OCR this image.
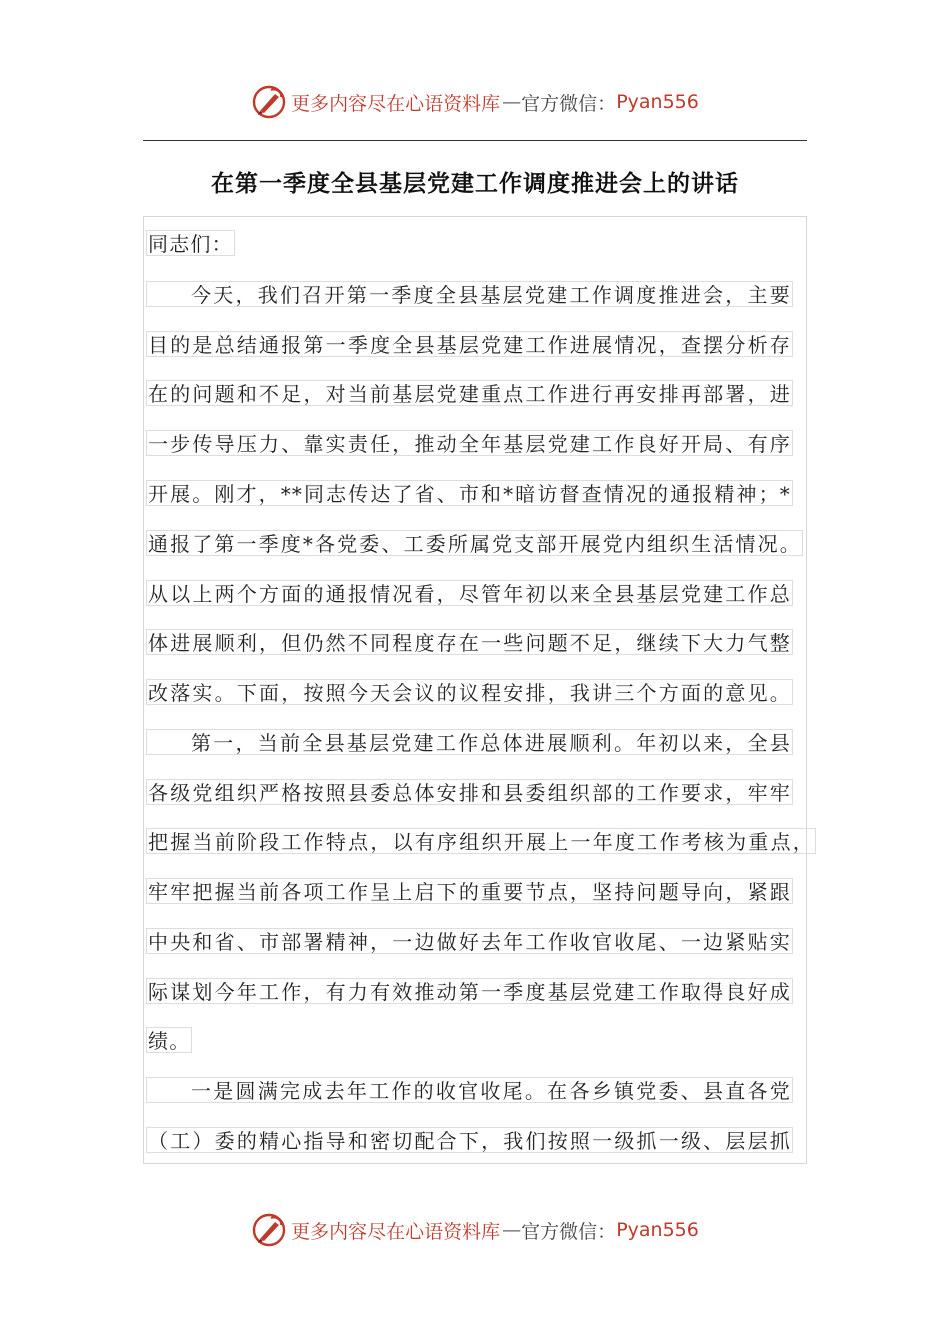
更多内容尽在心语资料库 — 官方微信： Pyan556
在第一季度全县基层党建工作调度推进会上的讲话
同志们：
今天，我们召开第一季度全县基层党建工作调度推进会，主要
目的是总结通报第一季度全县基层党建工作进展情况，查摆分析存
在的问题和不足，对当前基层党建重点工作进行再安排再部署，进
一步传导压力、靠实责任，推动全年基层党建工作良好开局、有序
开展。刚才，**同志传达了省、市和*暗访督查情况的通报精神；*
通报了第一季度*各党委、工委所属党支部开展党内组织生活情况。
从以上两个方面的通报情况看，尽管年初以来全县基层党建工作总
体进展顺利，但仍然不同程度存在一些问题不足，继续下大力气整
改落实。下面，按照今天会议的议程安排，我讲三个方面的意见。
第一，当前全县基层党建工作总体进展顺利。年初以来，全县
各级党组织严格按照县委总体安排和县委组织部的工作要求，牢牢
把握当前阶段工作特点，以有序组织开展上一年度工作考核为重点，
牢牢把握当前各项工作呈上启下的重要节点，坚持问题导向，紧跟
中央和省、市部署精神，一边做好去年工作收官收尾、一边紧贴实
际谋划今年工作，有力有效推动第一季度基层党建工作取得良好成
绩。
一是圆满完成去年工作的收官收尾。在各乡镇党委、县直各党
（工）委的精心指导和密切配合下，我们按照一级抓一级、层层抓
更多内容尽在心语资料库 — 官方微信： Pyan556
